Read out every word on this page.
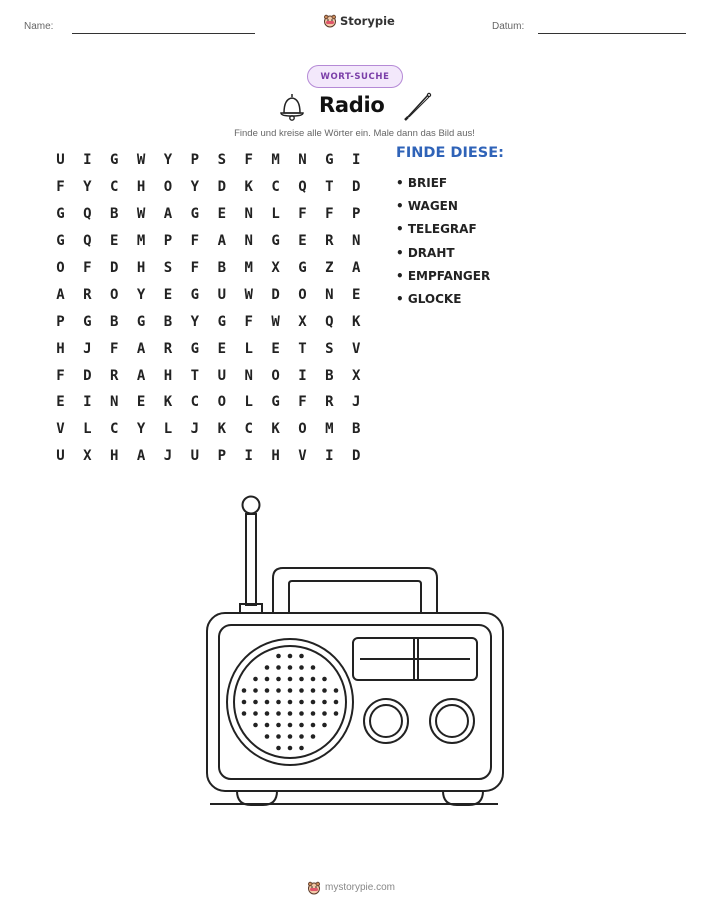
Name:	Storypie	Datum:
WORT-SUCHE
Radio
Finde und kreise alle Wörter ein. Male dann das Bild aus!
U	I	G	W	Y	P	S	F	M	N	G	I
F	Y	C	H	O	Y	D	K	C	Q	T	D
G	Q	B	W	A	G	E	N	L	F	F	P
G	Q	E	M	P	F	A	N	G	E	R	N
O	F	D	H	S	F	B	M	X	G	Z	A
A	R	O	Y	E	G	U	W	D	O	N	E
P	G	B	G	B	Y	G	F	W	X	Q	K
H	J	F	A	R	G	E	L	E	T	S	V
F	D	R	A	H	T	U	N	O	I	B	X
E	I	N	E	K	C	O	L	G	F	R	J
V	L	C	Y	L	J	K	C	K	O	M	B
U	X	H	A	J	U	P	I	H	V	I	D
FINDE DIESE:
• BRIEF
• WAGEN
• TELEGRAF
• DRAHT
• EMPFANGER
• GLOCKE
mystorypie.com
